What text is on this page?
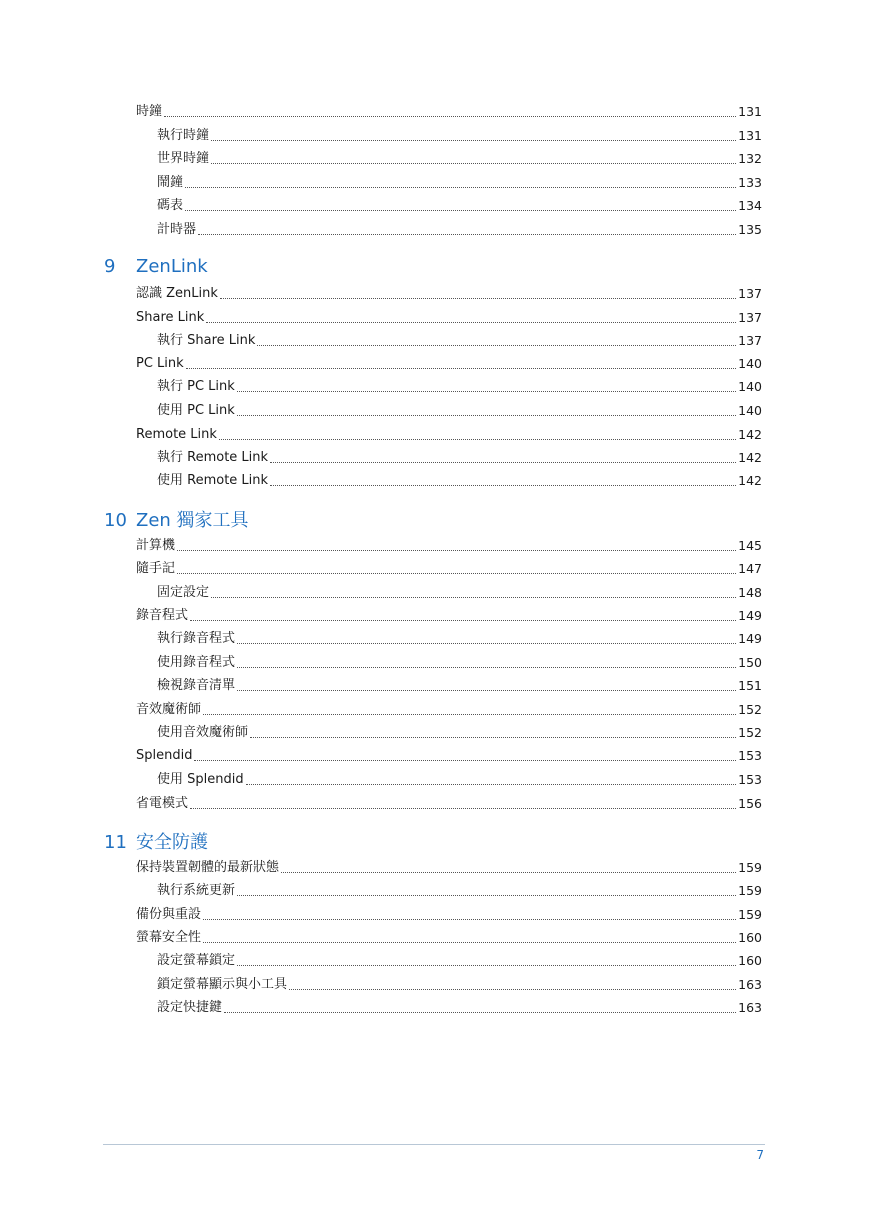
時鐘	131
執行時鐘	131
世界時鐘	132
鬧鐘	133
碼表	134
計時器	135
9	ZenLink
認識 ZenLink	137
Share Link	137
執行 Share Link	137
PC Link	140
執行 PC Link	140
使用 PC Link	140
Remote Link	142
執行 Remote Link	142
使用 Remote Link	142
10 Zen 獨家工具
計算機	145
隨手記	147
固定設定	148
錄音程式	149
執行錄音程式	149
使用錄音程式	150
檢視錄音清單	151
音效魔術師	152
使用音效魔術師	152
Splendid	153
使用 Splendid	153
省電模式	156
11 安全防護
保持裝置韌體的最新狀態	159
執行系統更新	159
備份與重設	159
螢幕安全性	160
設定螢幕鎖定	160
鎖定螢幕顯示與小工具	163
設定快捷鍵	163
7
